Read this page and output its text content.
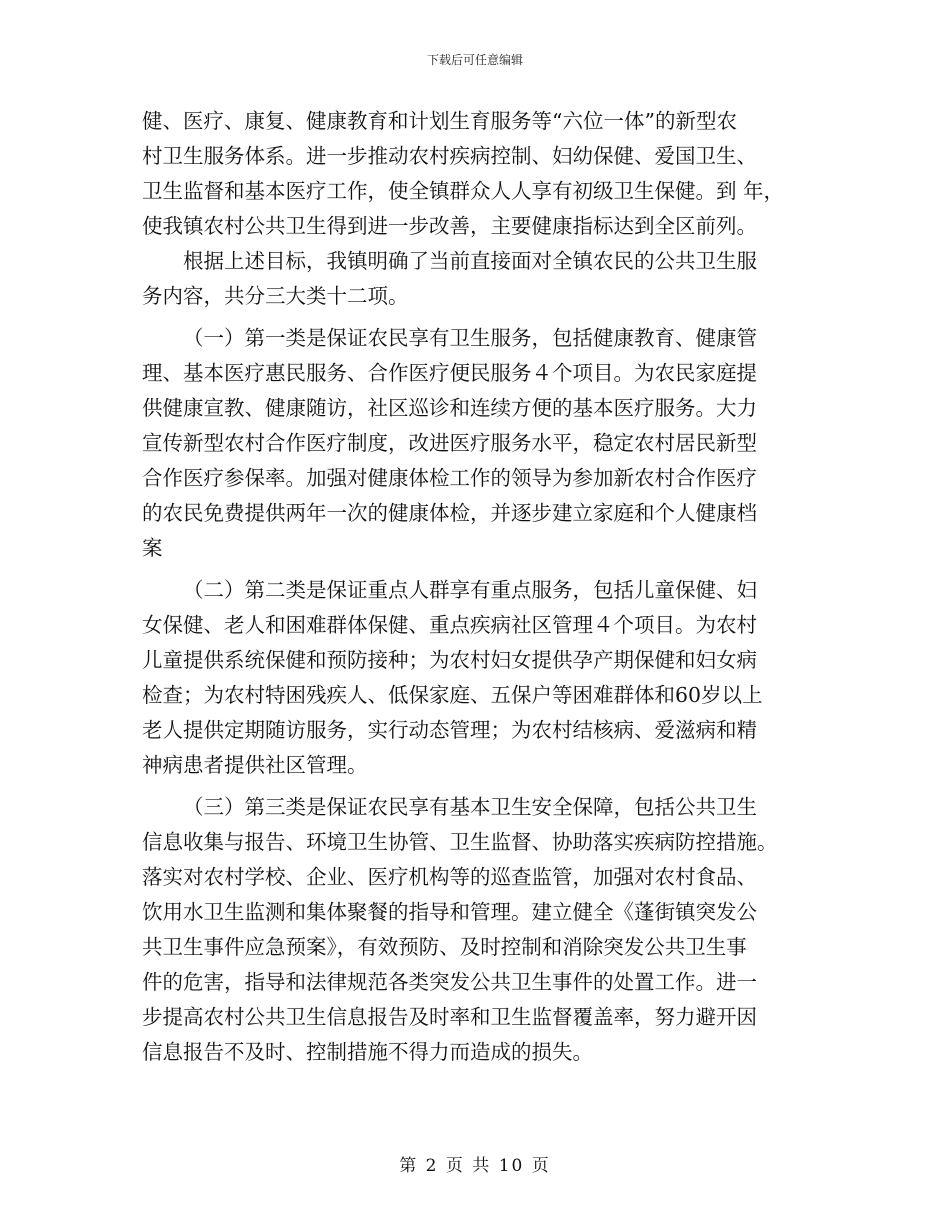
下载后可任意编辑
健、医疗、康复、健康教育和计划生育服务等“六位一体”的新型农
村卫生服务体系。进一步推动农村疾病控制、妇幼保健、爱国卫生、
卫生监督和基本医疗工作，使全镇群众人人享有初级卫生保健。到 年，
使我镇农村公共卫生得到进一步改善，主要健康指标达到全区前列。
根据上述目标，我镇明确了当前直接面对全镇农民的公共卫生服
务内容，共分三大类十二项。
（一）第一类是保证农民享有卫生服务，包括健康教育、健康管
理、基本医疗惠民服务、合作医疗便民服务４个项目。为农民家庭提
供健康宣教、健康随访，社区巡诊和连续方便的基本医疗服务。大力
宣传新型农村合作医疗制度，改进医疗服务水平，稳定农村居民新型
合作医疗参保率。加强对健康体检工作的领导为参加新农村合作医疗
的农民免费提供两年一次的健康体检，并逐步建立家庭和个人健康档
案
（二）第二类是保证重点人群享有重点服务，包括儿童保健、妇
女保健、老人和困难群体保健、重点疾病社区管理４个项目。为农村
儿童提供系统保健和预防接种；为农村妇女提供孕产期保健和妇女病
检查；为农村特困残疾人、低保家庭、五保户等困难群体和60岁以上
老人提供定期随访服务，实行动态管理；为农村结核病、爱滋病和精
神病患者提供社区管理。
（三）第三类是保证农民享有基本卫生安全保障，包括公共卫生
信息收集与报告、环境卫生协管、卫生监督、协助落实疾病防控措施。
落实对农村学校、企业、医疗机构等的巡查监管，加强对农村食品、
饮用水卫生监测和集体聚餐的指导和管理。建立健全《蓬街镇突发公
共卫生事件应急预案》，有效预防、及时控制和消除突发公共卫生事
件的危害，指导和法律规范各类突发公共卫生事件的处置工作。进一
步提高农村公共卫生信息报告及时率和卫生监督覆盖率，努力避开因
信息报告不及时、控制措施不得力而造成的损失。
第 2 页 共 10 页
